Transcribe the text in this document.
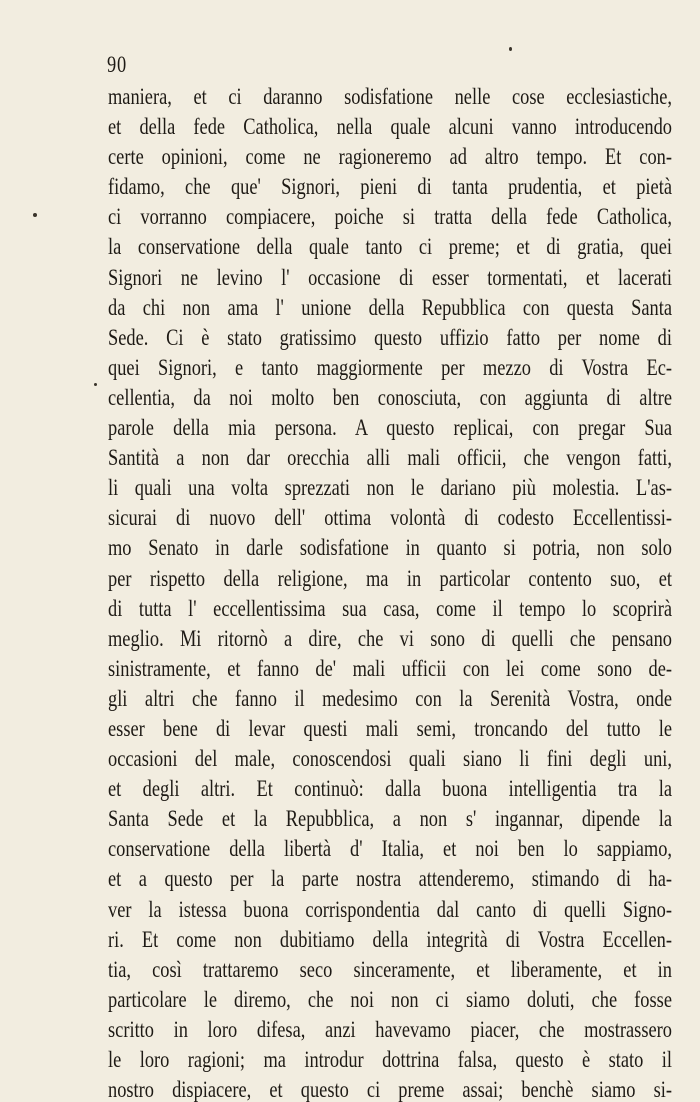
90
maniera, et ci daranno sodisfatione nelle cose ecclesiastiche,
et della fede Catholica, nella quale alcuni vanno introducendo
certe opinioni, come ne ragioneremo ad altro tempo. Et con-
fidamo, che que' Signori, pieni di tanta prudentia, et pietà
ci vorranno compiacere, poiche si tratta della fede Catholica,
la conservatione della quale tanto ci preme; et di gratia, quei
Signori ne levino l' occasione di esser tormentati, et lacerati
da chi non ama l' unione della Repubblica con questa Santa
Sede. Ci è stato gratissimo questo uffizio fatto per nome di
quei Signori, e tanto maggiormente per mezzo di Vostra Ec-
cellentia, da noi molto ben conosciuta, con aggiunta di altre
parole della mia persona. A questo replicai, con pregar Sua
Santità a non dar orecchia alli mali officii, che vengon fatti,
li quali una volta sprezzati non le dariano più molestia. L'as-
sicurai di nuovo dell' ottima volontà di codesto Eccellentissi-
mo Senato in darle sodisfatione in quanto si potria, non solo
per rispetto della religione, ma in particolar contento suo, et
di tutta l' eccellentissima sua casa, come il tempo lo scoprirà
meglio. Mi ritornò a dire, che vi sono di quelli che pensano
sinistramente, et fanno de' mali ufficii con lei come sono de-
gli altri che fanno il medesimo con la Serenità Vostra, onde
esser bene di levar questi mali semi, troncando del tutto le
occasioni del male, conoscendosi quali siano li fini degli uni,
et degli altri. Et continuò: dalla buona intelligentia tra la
Santa Sede et la Repubblica, a non s' ingannar, dipende la
conservatione della libertà d' Italia, et noi ben lo sappiamo,
et a questo per la parte nostra attenderemo, stimando di ha-
ver la istessa buona corrispondentia dal canto di quelli Signo-
ri. Et come non dubitiamo della integrità di Vostra Eccellen-
tia, così trattaremo seco sinceramente, et liberamente, et in
particolare le diremo, che noi non ci siamo doluti, che fosse
scritto in loro difesa, anzi havevamo piacer, che mostrassero
le loro ragioni; ma introdur dottrina falsa, questo è stato il
nostro dispiacere, et questo ci preme assai; benchè siamo si-
